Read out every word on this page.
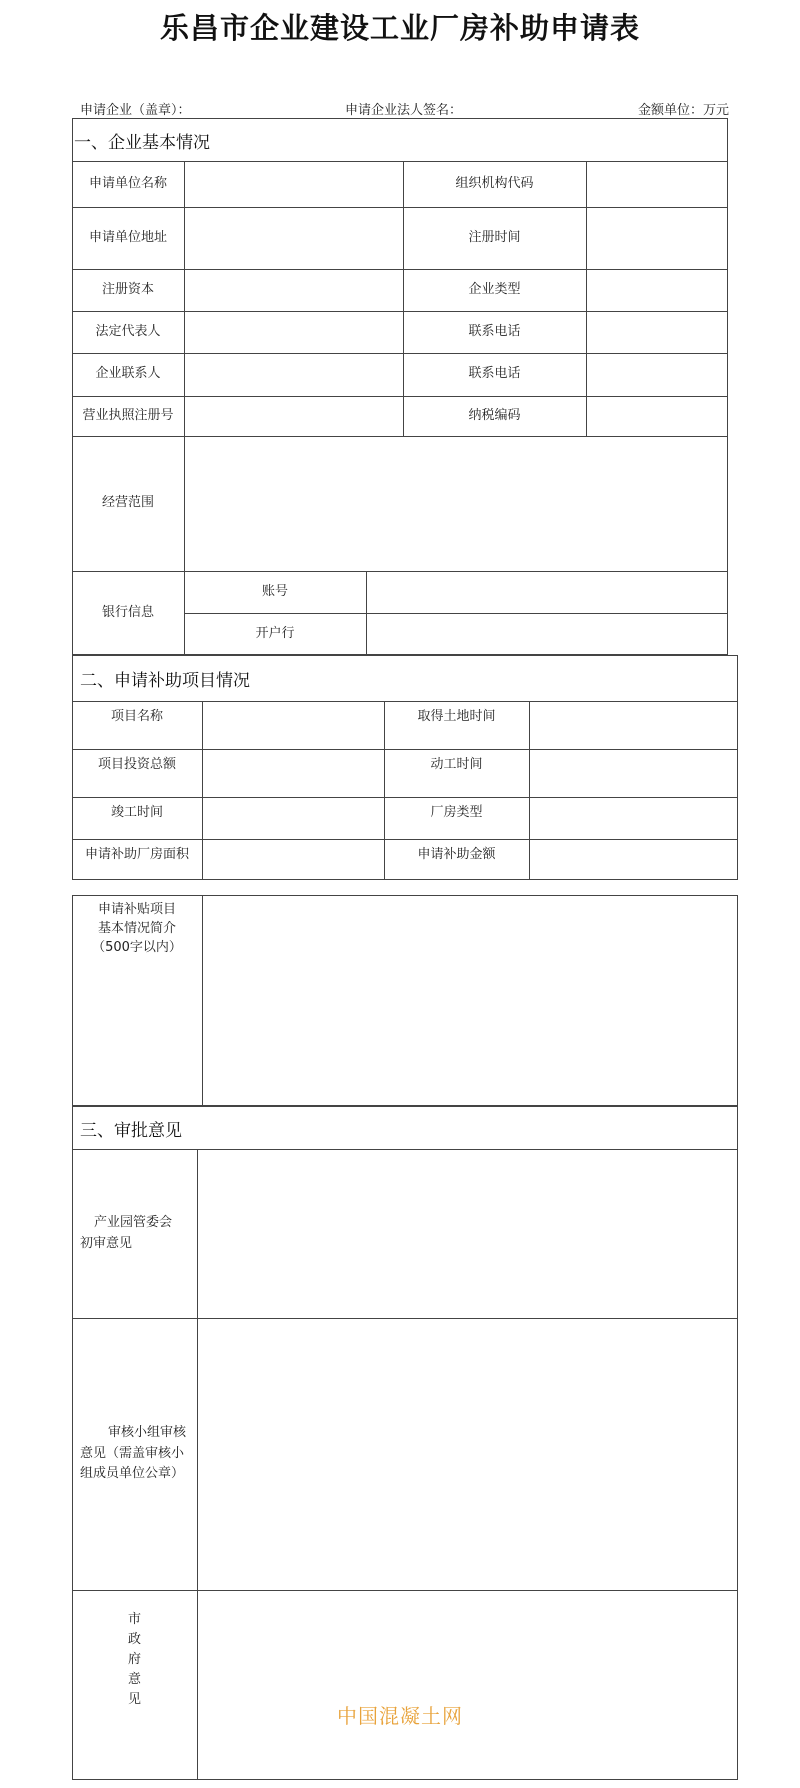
乐昌市企业建设工业厂房补助申请表
申请企业（盖章）：	申请企业法人签名：	金额单位：万元
一、企业基本情况
申请单位名称	组织机构代码
申请单位地址	注册时间
注册资本	企业类型
法定代表人	联系电话
企业联系人	联系电话
营业执照注册号	纳税编码
经营范围
银行信息
账号
开户行
二、申请补助项目情况
项目名称	取得土地时间
项目投资总额	动工时间
竣工时间	厂房类型
申请补助厂房面积	申请补助金额
申请补贴项目
基本情况简介
（500字以内）
三、审批意见
产业园管委会
初审意见
审核小组审核
意见（需盖审核小
组成员单位公章）
市
政
府
意
见
中国混凝土网
